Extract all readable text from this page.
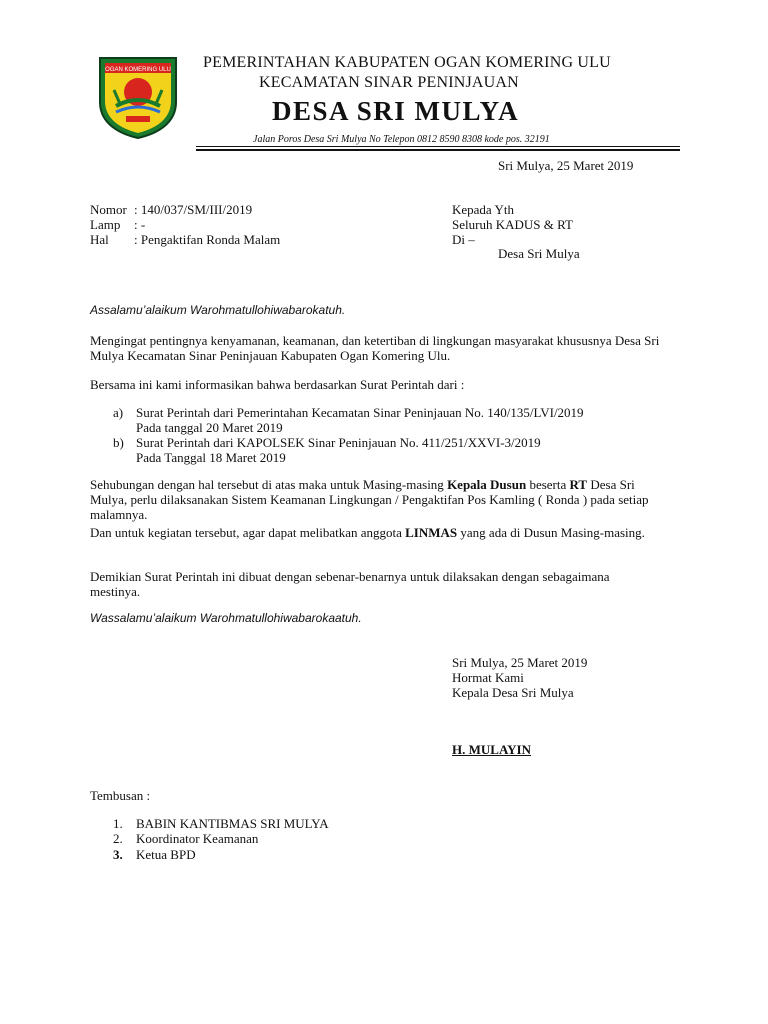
OGAN KOMERING ULU PEMERINTAHAN KABUPATEN OGAN KOMERING ULU
KECAMATAN SINAR PENINJAUAN
DESA SRI MULYA
Jalan Poros Desa Sri Mulya No Telepon 0812 8590 8308 kode pos. 32191
Sri Mulya, 25 Maret 2019
Nomor : 140/037/SM/III/2019
Lamp : -
Hal : Pengaktifan Ronda Malam
Kepada Yth
Seluruh KADUS & RT
Di –
Desa Sri Mulya
Assalamu’alaikum Warohmatullohiwabarokatuh.
Mengingat pentingnya kenyamanan, keamanan, dan ketertiban di lingkungan masyarakat khususnya Desa Sri Mulya Kecamatan Sinar Peninjauan Kabupaten Ogan Komering Ulu.
Bersama ini kami informasikan bahwa berdasarkan Surat Perintah dari :
a) Surat Perintah dari Pemerintahan Kecamatan Sinar Peninjauan No. 140/135/LVI/2019
Pada tanggal 20 Maret 2019
b) Surat Perintah dari KAPOLSEK Sinar Peninjauan No. 411/251/XXVI-3/2019
Pada Tanggal 18 Maret 2019
Sehubungan dengan hal tersebut di atas maka untuk Masing-masing Kepala Dusun beserta RT Desa Sri Mulya, perlu dilaksanakan Sistem Keamanan Lingkungan / Pengaktifan Pos Kamling ( Ronda ) pada setiap malamnya.
Dan untuk kegiatan tersebut, agar dapat melibatkan anggota LINMAS yang ada di Dusun Masing-masing.
Demikian Surat Perintah ini dibuat dengan sebenar-benarnya untuk dilaksakan dengan sebagaimana mestinya.
Wassalamu’alaikum Warohmatullohiwabarokaatuh.
Sri Mulya, 25 Maret 2019
Hormat Kami
Kepala Desa Sri Mulya
H. MULAYIN
Tembusan :
1. BABIN KANTIBMAS SRI MULYA
2. Koordinator Keamanan
3. Ketua BPD
